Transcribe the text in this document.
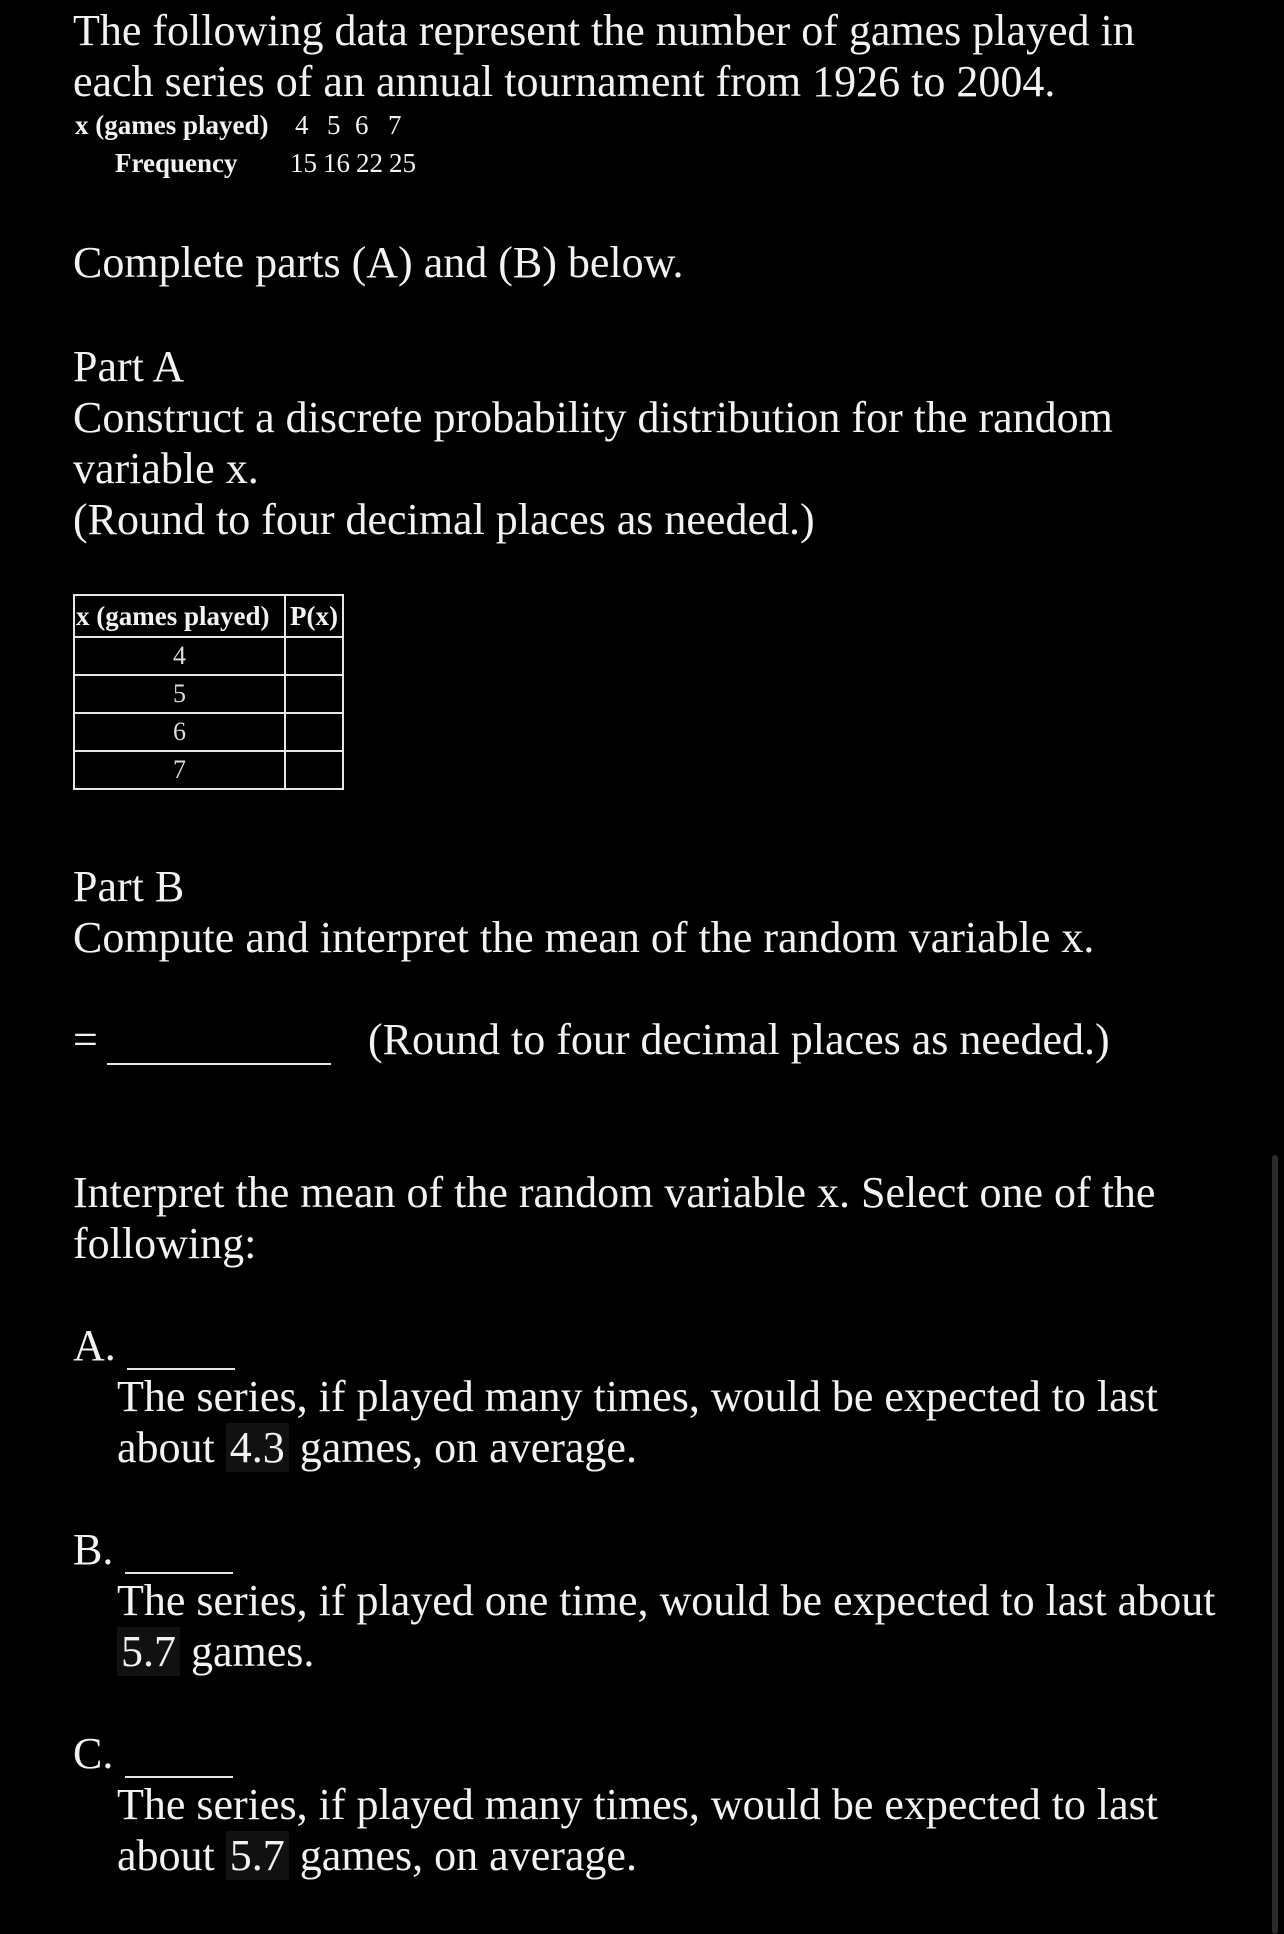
The following data represent the number of games played in
each series of an annual tournament from 1926 to 2004.
x (games played) 4 5 6 7
Frequency 15 16 22 25
Complete parts (A) and (B) below.
Part A
Construct a discrete probability distribution for the random
variable x.
(Round to four decimal places as needed.)
x (games played)	P(x)
4	
5	
6	
7	
Part B
Compute and interpret the mean of the random variable x.
=	(Round to four decimal places as needed.)
Interpret the mean of the random variable x. Select one of the
following:
A.
The series, if played many times, would be expected to last
about 4.3 games, on average.
B.
The series, if played one time, would be expected to last about
5.7 games.
C.
The series, if played many times, would be expected to last
about 5.7 games, on average.
